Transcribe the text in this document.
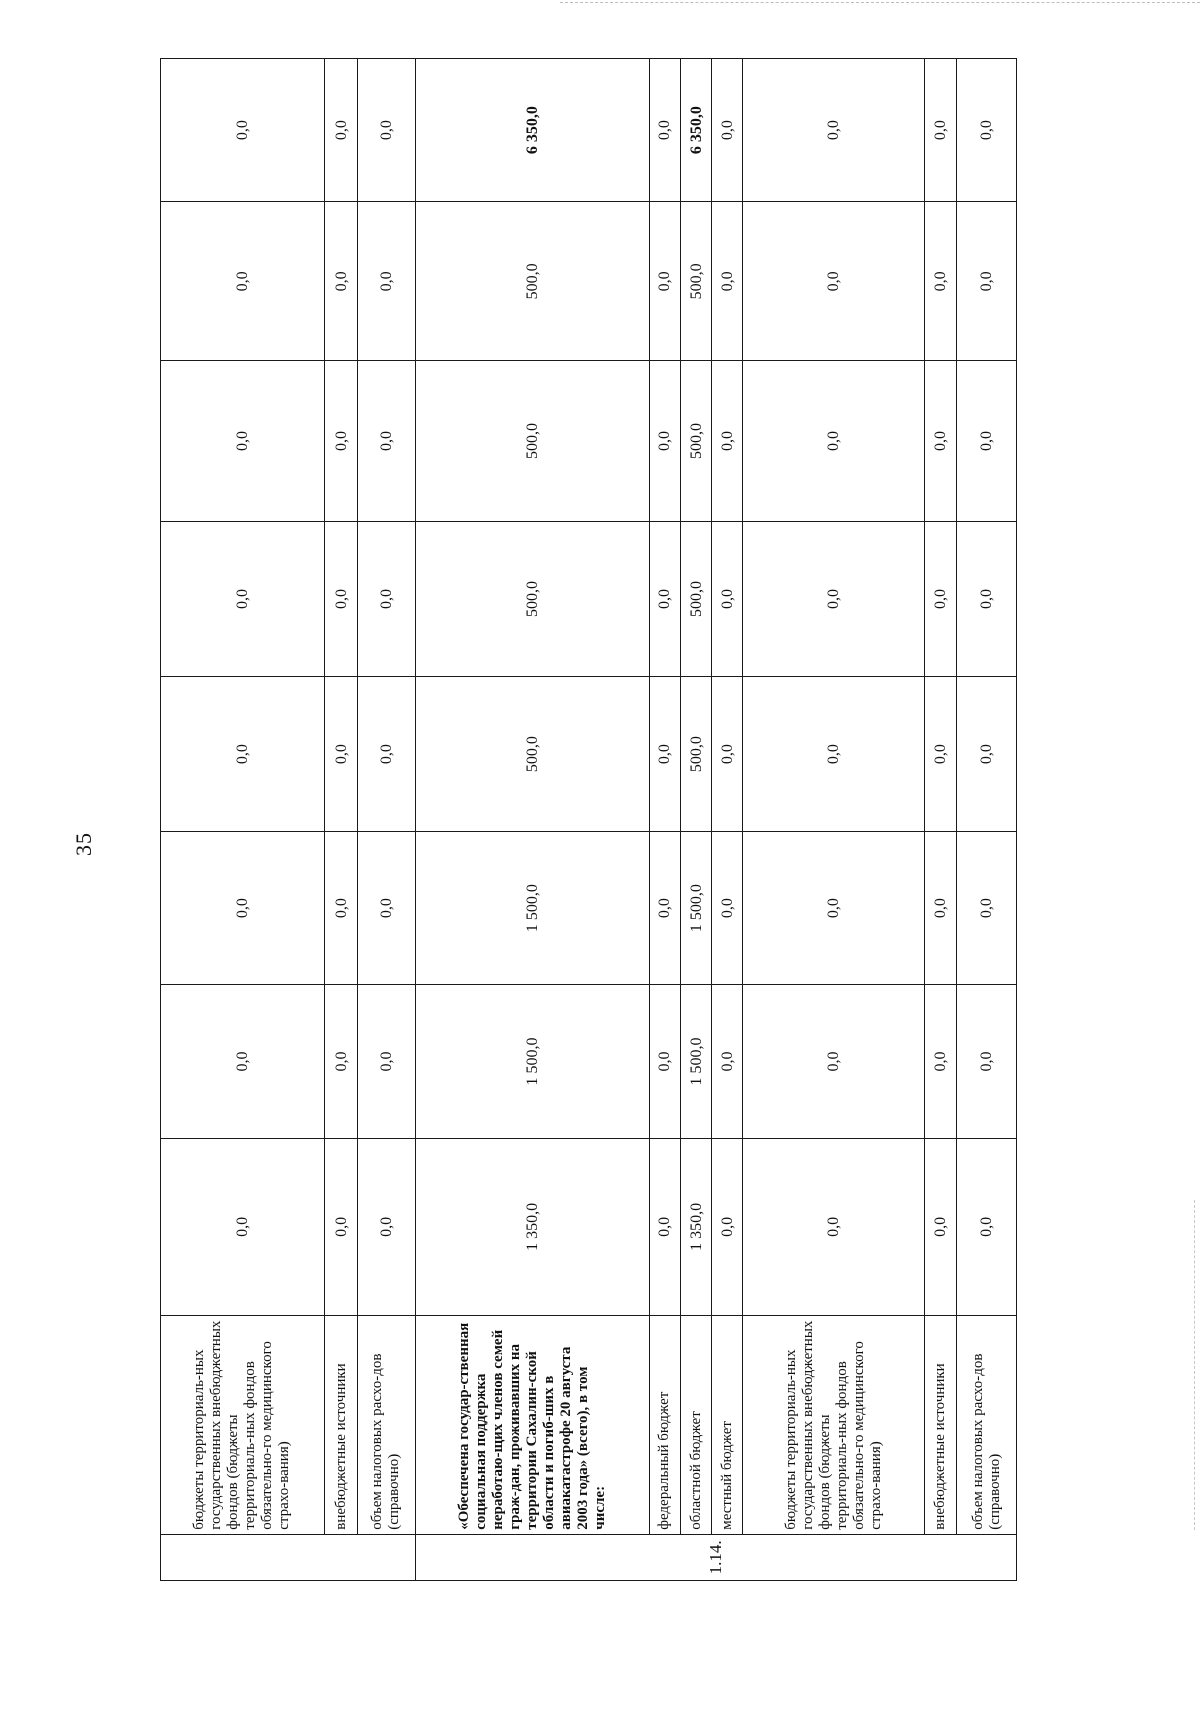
35
	бюджеты территориаль-ных государственных внебюджетных фондов (бюджеты территориаль-ных фондов обязательно-го медицинского страхо-вания)	0,0	0,0	0,0	0,0	0,0	0,0	0,0	0,0
	внебюджетные источники	0,0	0,0	0,0	0,0	0,0	0,0	0,0	0,0
	объем налоговых расхо-дов (справочно)	0,0	0,0	0,0	0,0	0,0	0,0	0,0	0,0
1.14.	«Обеспечена государ-ственная социальная поддержка неработаю-щих членов семей граж-дан, проживавших на территории Сахалин-ской области и погиб-ших в авиакатастрофе 20 августа 2003 года» (всего), в том числе:	1 350,0	1 500,0	1 500,0	500,0	500,0	500,0	500,0	6 350,0
	федеральный бюджет	0,0	0,0	0,0	0,0	0,0	0,0	0,0	0,0
	областной бюджет	1 350,0	1 500,0	1 500,0	500,0	500,0	500,0	500,0	6 350,0
	местный бюджет	0,0	0,0	0,0	0,0	0,0	0,0	0,0	0,0
	бюджеты территориаль-ных государственных внебюджетных фондов (бюджеты территориаль-ных фондов обязательно-го медицинского страхо-вания)	0,0	0,0	0,0	0,0	0,0	0,0	0,0	0,0
	внебюджетные источники	0,0	0,0	0,0	0,0	0,0	0,0	0,0	0,0
	объем налоговых расхо-дов (справочно)	0,0	0,0	0,0	0,0	0,0	0,0	0,0	0,0
